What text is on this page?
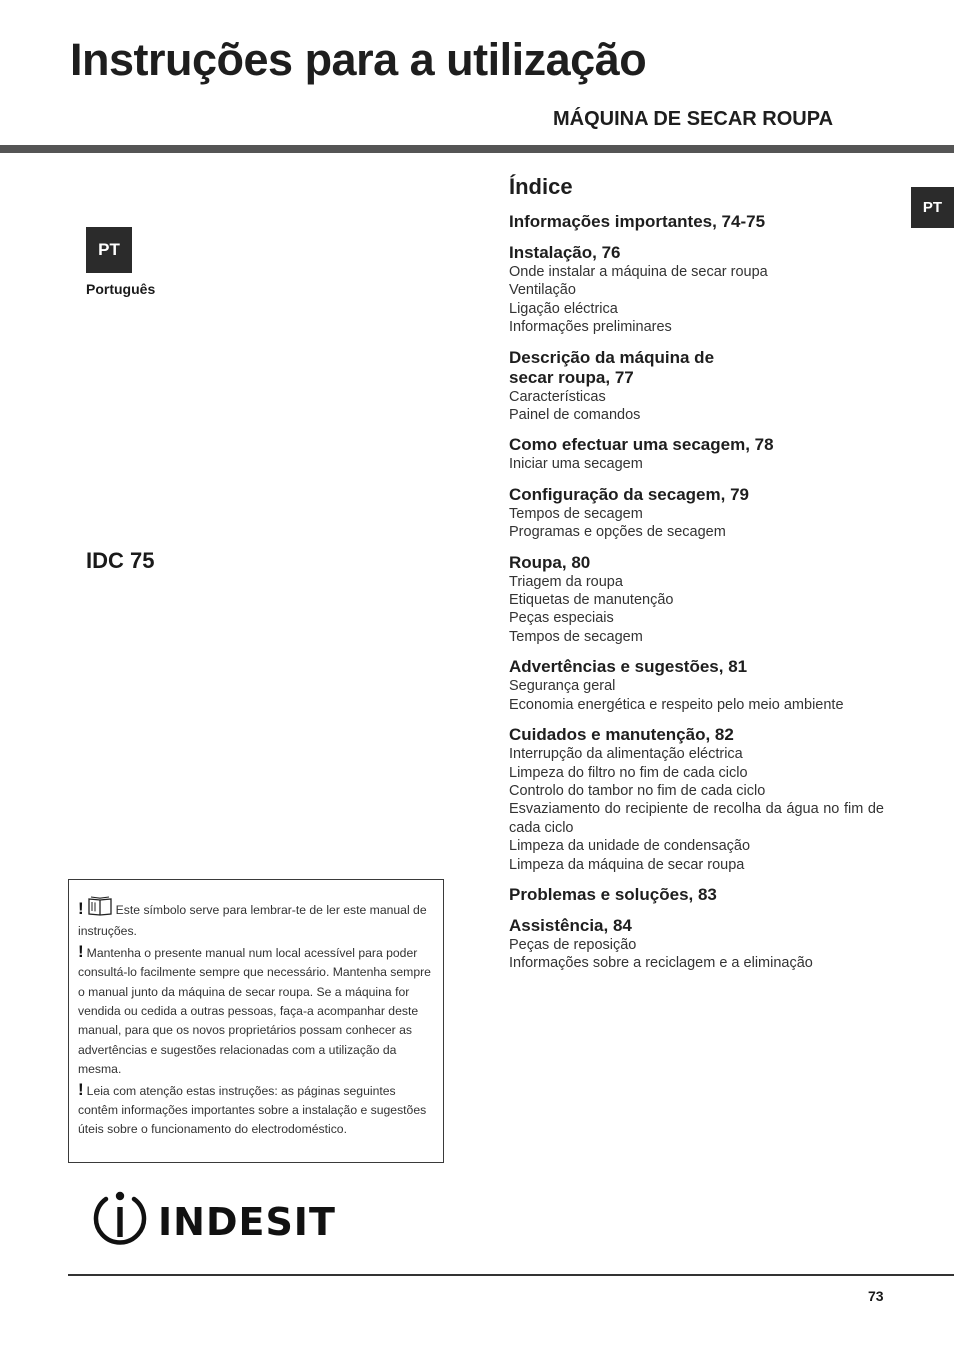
Instruções para a utilização
MÁQUINA DE SECAR ROUPA
PT
Português
PT
IDC 75
Índice
Informações importantes, 74-75
Instalação, 76
Onde instalar a máquina de secar roupa
Ventilação
Ligação eléctrica
Informações preliminares
Descrição da máquina de
secar roupa, 77
Características
Painel de comandos
Como efectuar uma secagem, 78
Iniciar uma secagem
Configuração da secagem, 79
Tempos de secagem
Programas e opções de secagem
Roupa, 80
Triagem da roupa
Etiquetas de manutenção
Peças especiais
Tempos de secagem
Advertências e sugestões, 81
Segurança geral
Economia energética e respeito pelo meio ambiente
Cuidados e manutenção, 82
Interrupção da alimentação eléctrica
Limpeza do filtro no fim de cada ciclo
Controlo do tambor no fim de cada ciclo
Esvaziamento do recipiente de recolha da água no fim de cada ciclo
Limpeza da unidade de condensação
Limpeza da máquina de secar roupa
Problemas e soluções, 83
Assistência, 84
Peças de reposição
Informações sobre a reciclagem e a eliminação

!	Este símbolo serve para lembrar-te de ler este manual de instruções.

! Mantenha o presente manual num local acessível para poder consultá-lo facilmente sempre que necessário. Mantenha sempre o manual junto da máquina de secar roupa. Se a máquina for vendida ou cedida a outras pessoas, faça-a acompanhar deste manual, para que os novos proprietários possam conhecer as advertências e sugestões relacionadas com a utilização da mesma.

! Leia com atenção estas instruções: as páginas seguintes contêm informações importantes sobre a instalação e sugestões úteis sobre o funcionamento do electrodoméstico.

INDESIT
73
